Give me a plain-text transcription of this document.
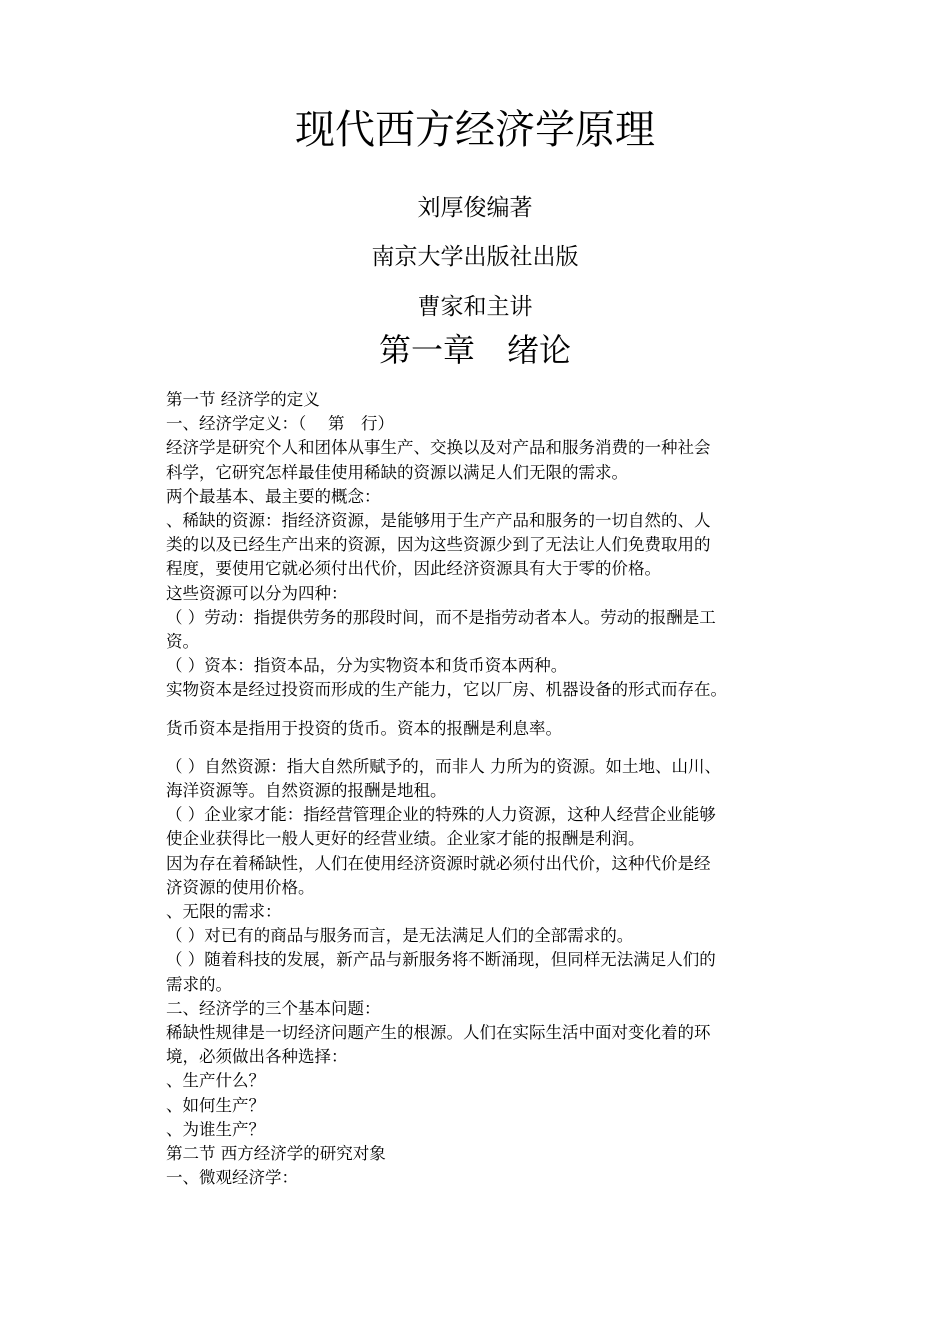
现代西方经济学原理
刘厚俊编著
南京大学出版社出版
曹家和主讲
第一章　绪论

第一节 经济学的定义

一、经济学定义：（　 第　行）

经济学是研究个人和团体从事生产、交换以及对产品和服务消费的一种社会

科学，它研究怎样最佳使用稀缺的资源以满足人们无限的需求。

两个最基本、最主要的概念：

、稀缺的资源：指经济资源，是能够用于生产产品和服务的一切自然的、人

类的以及已经生产出来的资源，因为这些资源少到了无法让人们免费取用的

程度，要使用它就必须付出代价，因此经济资源具有大于零的价格。

这些资源可以分为四种：

（ ）劳动：指提供劳务的那段时间，而不是指劳动者本人。劳动的报酬是工

资。

（ ）资本：指资本品，分为实物资本和货币资本两种。

实物资本是经过投资而形成的生产能力，它以厂房、机器设备的形式而存在。

货币资本是指用于投资的货币。资本的报酬是利息率。

（ ）自然资源：指大自然所赋予的，而非人 力所为的资源。如土地、山川、

海洋资源等。自然资源的报酬是地租。

（ ）企业家才能：指经营管理企业的特殊的人力资源，这种人经营企业能够

使企业获得比一般人更好的经营业绩。企业家才能的报酬是利润。

因为存在着稀缺性，人们在使用经济资源时就必须付出代价，这种代价是经

济资源的使用价格。

、无限的需求：

（ ）对已有的商品与服务而言，是无法满足人们的全部需求的。

（ ）随着科技的发展，新产品与新服务将不断涌现，但同样无法满足人们的

需求的。

二、经济学的三个基本问题：

稀缺性规律是一切经济问题产生的根源。人们在实际生活中面对变化着的环

境，必须做出各种选择：

、生产什么？

、如何生产？

、为谁生产？

第二节 西方经济学的研究对象

一、微观经济学：
